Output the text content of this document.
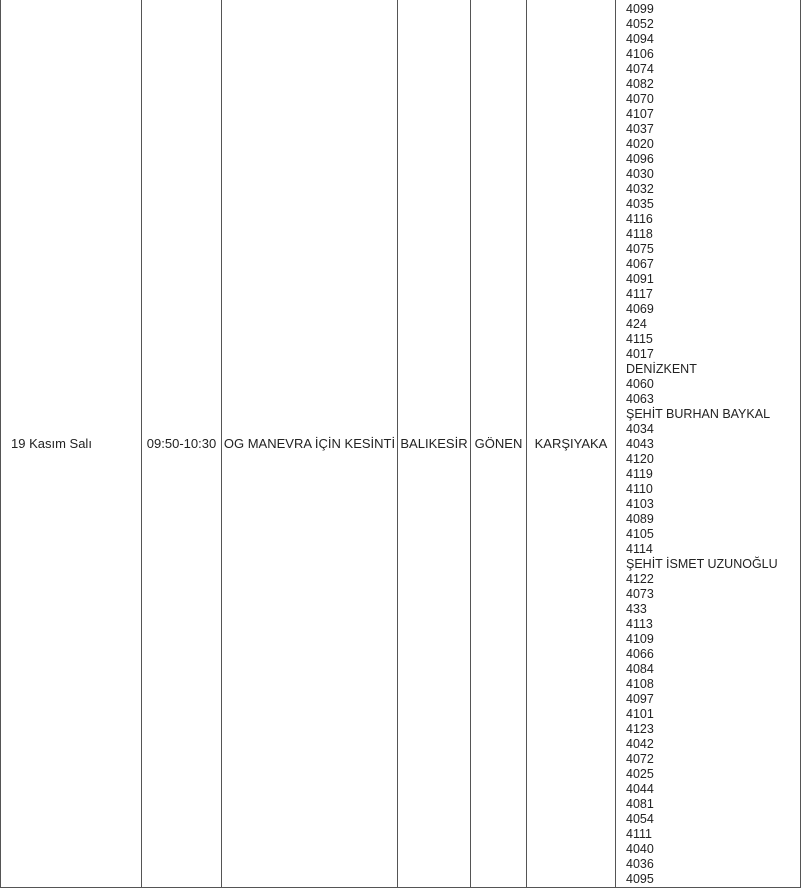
19 Kasım Salı	09:50-10:30	OG MANEVRA İÇİN KESİNTİ	BALIKESİR	GÖNEN	KARŞIYAKA	
4099
4052
4094
4106
4074
4082
4070
4107
4037
4020
4096
4030
4032
4035
4116
4118
4075
4067
4091
4117
4069
424
4115
4017
DENİZKENT
4060
4063
ŞEHİT BURHAN BAYKAL
4034
4043
4120
4119
4110
4103
4089
4105
4114
ŞEHİT İSMET UZUNOĞLU
4122
4073
433
4113
4109
4066
4084
4108
4097
4101
4123
4042
4072
4025
4044
4081
4054
4111
4040
4036
4095
